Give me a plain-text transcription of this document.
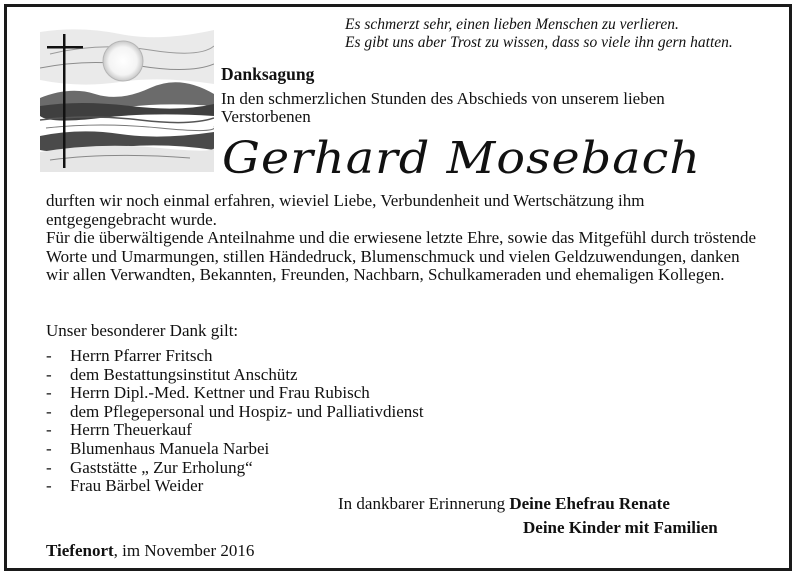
Es schmerzt sehr, einen lieben Menschen zu verlieren.
Es gibt uns aber Trost zu wissen, dass so viele ihn gern hatten.
Danksagung
In den schmerzlichen Stunden des Abschieds von unserem lieben Verstorbenen
Gerhard Mosebach

durften wir noch einmal erfahren, wieviel Liebe, Verbundenheit und Wertschätzung ihm entgegengebracht wurde.

Für die überwältigende Anteilnahme und die erwiesene letzte Ehre, sowie das Mitgefühl durch tröstende Worte und Umarmungen, stillen Händedruck, Blumenschmuck und vielen Geldzuwendungen, danken wir allen Verwandten, Bekannten, Freunden, Nachbarn, Schulkameraden und ehemaligen Kollegen.

Unser besonderer Dank gilt:
-	Herrn Pfarrer Fritsch
-	dem Bestattungsinstitut Anschütz
-	Herrn Dipl.-Med. Kettner und Frau Rubisch
-	dem Pflegepersonal und Hospiz- und Palliativdienst
-	Herrn Theuerkauf
-	Blumenhaus Manuela Narbei
-	Gaststätte „ Zur Erholung“
-	Frau Bärbel Weider
In dankbarer Erinnerung Deine Ehefrau Renate
Deine Kinder mit Familien
Tiefenort, im November 2016
